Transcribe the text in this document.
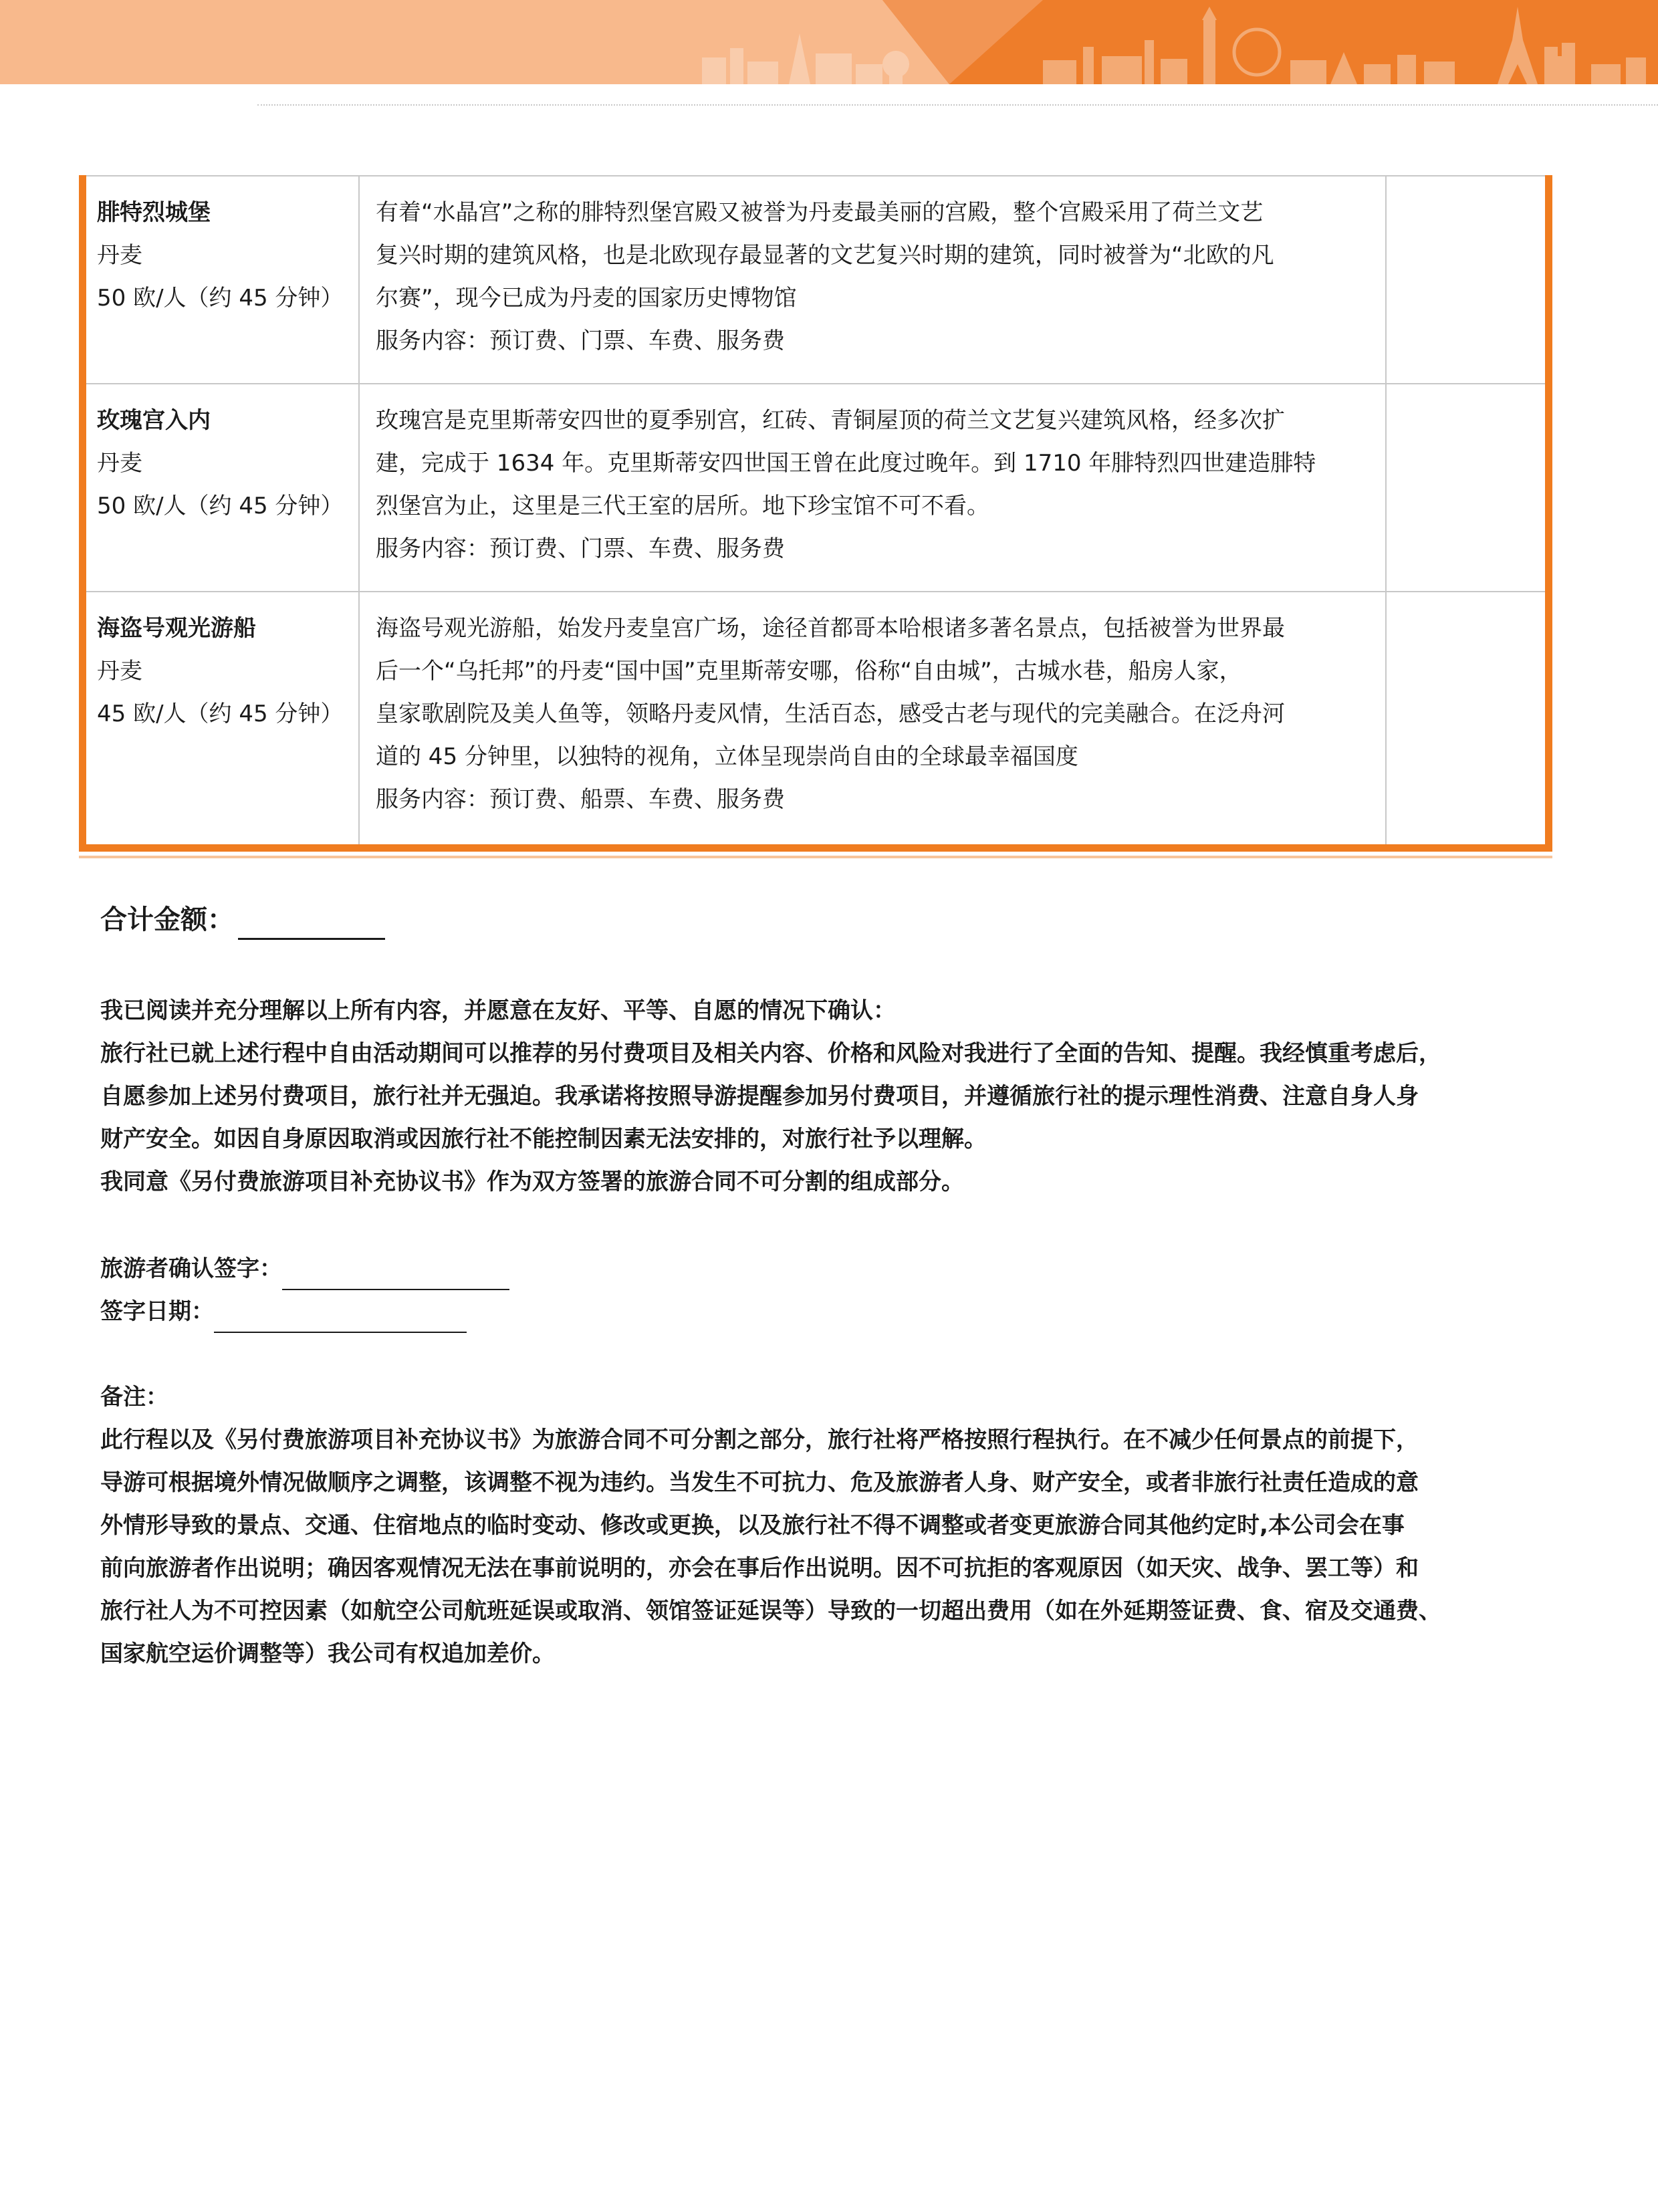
腓特烈城堡
丹麦
50 欧/人（约 45 分钟）	有着“水晶宫”之称的腓特烈堡宫殿又被誉为丹麦最美丽的宫殿，整个宫殿采用了荷兰文艺
复兴时期的建筑风格，也是北欧现存最显著的文艺复兴时期的建筑，同时被誉为“北欧的凡
尔赛”，现今已成为丹麦的国家历史博物馆
服务内容：预订费、门票、车费、服务费	

玫瑰宫入内
丹麦
50 欧/人（约 45 分钟）	玫瑰宫是克里斯蒂安四世的夏季别宫，红砖、青铜屋顶的荷兰文艺复兴建筑风格，经多次扩
建，完成于 1634 年。克里斯蒂安四世国王曾在此度过晚年。到 1710 年腓特烈四世建造腓特
烈堡宫为止，这里是三代王室的居所。地下珍宝馆不可不看。
服务内容：预订费、门票、车费、服务费	

海盗号观光游船
丹麦
45 欧/人（约 45 分钟）	海盗号观光游船，始发丹麦皇宫广场，途径首都哥本哈根诸多著名景点，包括被誉为世界最
后一个“乌托邦”的丹麦“国中国”克里斯蒂安哪，俗称“自由城”，古城水巷，船房人家，
皇家歌剧院及美人鱼等，领略丹麦风情，生活百态，感受古老与现代的完美融合。在泛舟河
道的 45 分钟里，以独特的视角，立体呈现崇尚自由的全球最幸福国度
服务内容：预订费、船票、车费、服务费	

合计金额：

我已阅读并充分理解以上所有内容，并愿意在友好、平等、自愿的情况下确认：

旅行社已就上述行程中自由活动期间可以推荐的另付费项目及相关内容、价格和风险对我进行了全面的告知、提醒。我经慎重考虑后，

自愿参加上述另付费项目，旅行社并无强迫。我承诺将按照导游提醒参加另付费项目，并遵循旅行社的提示理性消费、注意自身人身

财产安全。如因自身原因取消或因旅行社不能控制因素无法安排的，对旅行社予以理解。

我同意《另付费旅游项目补充协议书》作为双方签署的旅游合同不可分割的组成部分。

旅游者确认签字：

签字日期：

备注：

此行程以及《另付费旅游项目补充协议书》为旅游合同不可分割之部分，旅行社将严格按照行程执行。在不减少任何景点的前提下，

导游可根据境外情况做顺序之调整，该调整不视为违约。当发生不可抗力、危及旅游者人身、财产安全，或者非旅行社责任造成的意

外情形导致的景点、交通、住宿地点的临时变动、修改或更换，以及旅行社不得不调整或者变更旅游合同其他约定时,本公司会在事

前向旅游者作出说明；确因客观情况无法在事前说明的，亦会在事后作出说明。因不可抗拒的客观原因（如天灾、战争、罢工等）和

旅行社人为不可控因素（如航空公司航班延误或取消、领馆签证延误等）导致的一切超出费用（如在外延期签证费、食、宿及交通费、

国家航空运价调整等）我公司有权追加差价。
